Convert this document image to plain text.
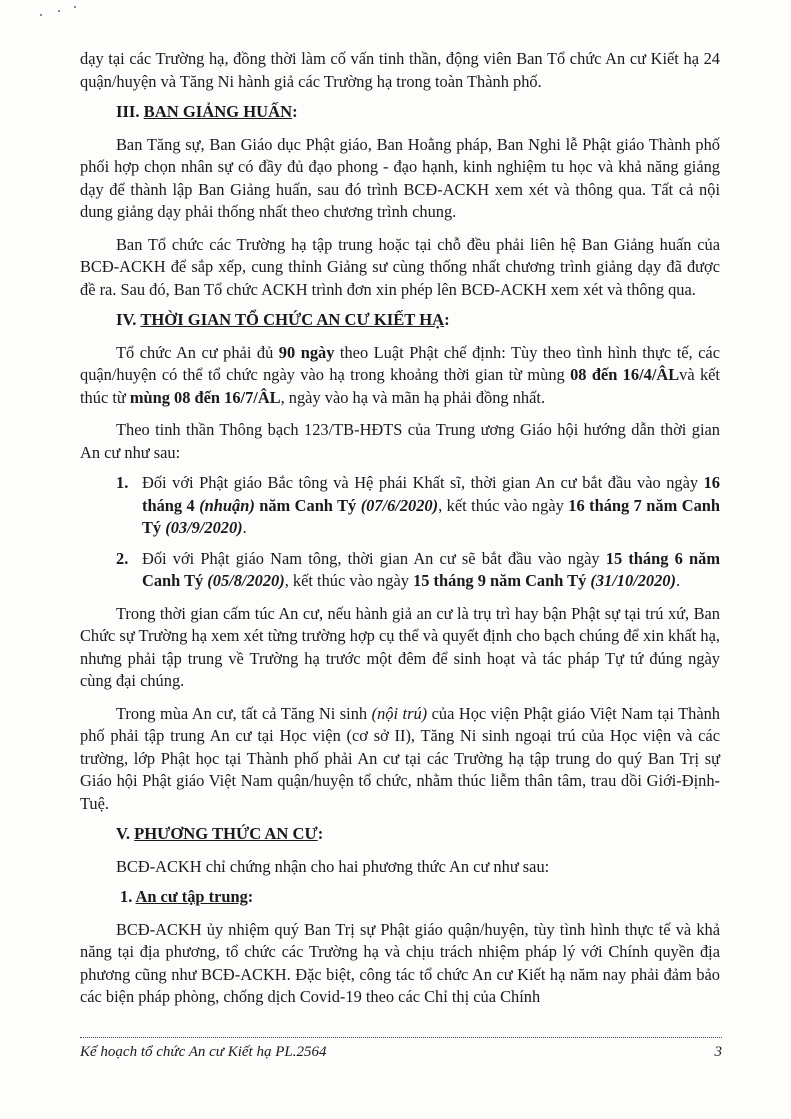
dạy tại các Trường hạ, đồng thời làm cố vấn tinh thần, động viên Ban Tổ chức An cư Kiết hạ 24 quận/huyện và Tăng Ni hành giả các Trường hạ trong toàn Thành phố.

III. BAN GIẢNG HUẤN:

Ban Tăng sự, Ban Giáo dục Phật giáo, Ban Hoằng pháp, Ban Nghi lễ Phật giáo Thành phố phối hợp chọn nhân sự có đầy đủ đạo phong - đạo hạnh, kinh nghiệm tu học và khả năng giảng dạy để thành lập Ban Giảng huấn, sau đó trình BCĐ-ACKH xem xét và thông qua. Tất cả nội dung giảng dạy phải thống nhất theo chương trình chung.

Ban Tổ chức các Trường hạ tập trung hoặc tại chỗ đều phải liên hệ Ban Giảng huấn của BCĐ-ACKH để sắp xếp, cung thỉnh Giảng sư cùng thống nhất chương trình giảng dạy đã được đề ra. Sau đó, Ban Tổ chức ACKH trình đơn xin phép lên BCĐ-ACKH xem xét và thông qua.

IV. THỜI GIAN TỔ CHỨC AN CƯ KIẾT HẠ:

Tổ chức An cư phải đủ 90 ngày theo Luật Phật chế định: Tùy theo tình hình thực tế, các quận/huyện có thể tổ chức ngày vào hạ trong khoảng thời gian từ mùng 08 đến 16/4/ÂLvà kết thúc từ mùng 08 đến 16/7/ÂL, ngày vào hạ và mãn hạ phải đồng nhất.

Theo tinh thần Thông bạch 123/TB-HĐTS của Trung ương Giáo hội hướng dẫn thời gian An cư như sau:

1. Đối với Phật giáo Bắc tông và Hệ phái Khất sĩ, thời gian An cư bắt đầu vào ngày 16 tháng 4 (nhuận) năm Canh Tý (07/6/2020), kết thúc vào ngày 16 tháng 7 năm Canh Tý (03/9/2020).
2. Đối với Phật giáo Nam tông, thời gian An cư sẽ bắt đầu vào ngày 15 tháng 6 năm Canh Tý (05/8/2020), kết thúc vào ngày 15 tháng 9 năm Canh Tý (31/10/2020).

Trong thời gian cấm túc An cư, nếu hành giả an cư là trụ trì hay bận Phật sự tại trú xứ, Ban Chức sự Trường hạ xem xét từng trường hợp cụ thể và quyết định cho bạch chúng để xin khất hạ, nhưng phải tập trung về Trường hạ trước một đêm để sinh hoạt và tác pháp Tự tứ đúng ngày cùng đại chúng.

Trong mùa An cư, tất cả Tăng Ni sinh (nội trú) của Học viện Phật giáo Việt Nam tại Thành phố phải tập trung An cư tại Học viện (cơ sở II), Tăng Ni sinh ngoại trú của Học viện và các trường, lớp Phật học tại Thành phố phải An cư tại các Trường hạ tập trung do quý Ban Trị sự Giáo hội Phật giáo Việt Nam quận/huyện tổ chức, nhằm thúc liễm thân tâm, trau dồi Giới-Định-Tuệ.

V. PHƯƠNG THỨC AN CƯ:

BCĐ-ACKH chỉ chứng nhận cho hai phương thức An cư như sau:

1. An cư tập trung:

BCĐ-ACKH ủy nhiệm quý Ban Trị sự Phật giáo quận/huyện, tùy tình hình thực tế và khả năng tại địa phương, tổ chức các Trường hạ và chịu trách nhiệm pháp lý với Chính quyền địa phương cũng như BCĐ-ACKH. Đặc biệt, công tác tổ chức An cư Kiết hạ năm nay phải đảm bảo các biện pháp phòng, chống dịch Covid-19 theo các Chỉ thị của Chính

Kế hoạch tổ chức An cư Kiết hạ PL.2564	3
